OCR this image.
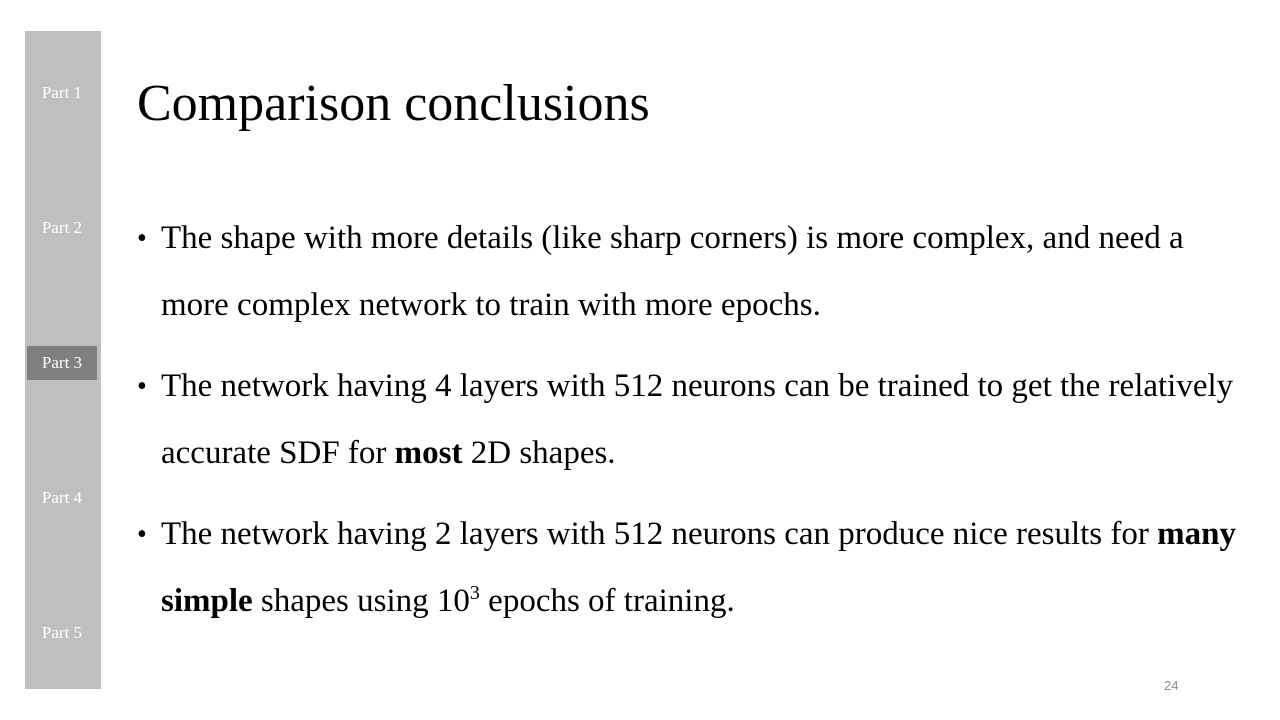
Part 1
Part 2
Part 3
Part 4
Part 5
Comparison conclusions
• The shape with more details (like sharp corners) is more complex, and need a more complex network to train with more epochs.
• The network having 4 layers with 512 neurons can be trained to get the relatively accurate SDF for most 2D shapes.
• The network having 2 layers with 512 neurons can produce nice results for many simple shapes using $10^3$ epochs of training.
24
